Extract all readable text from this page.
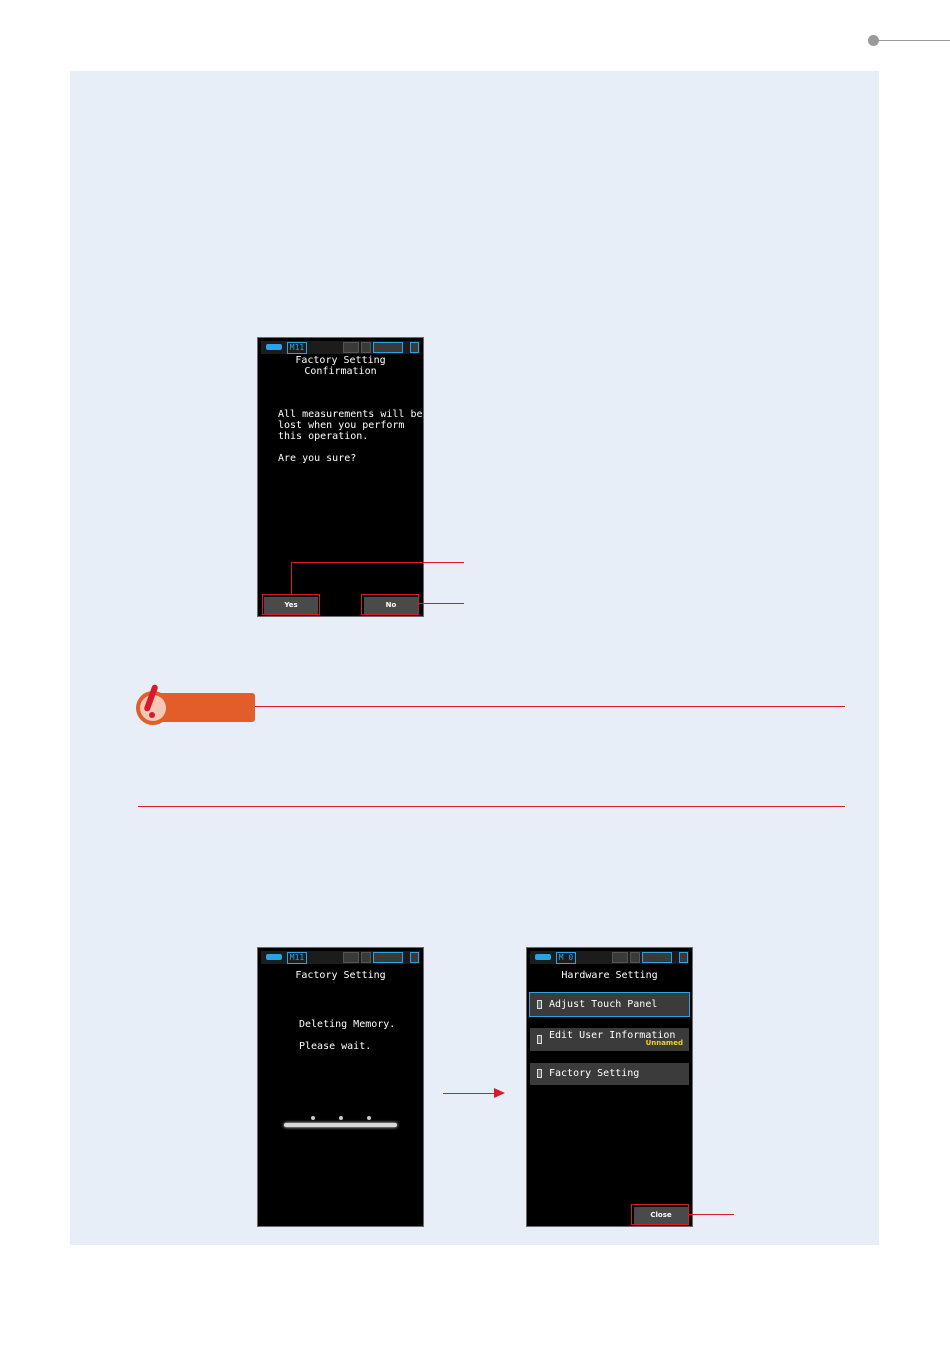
M11
Factory Setting
Confirmation
All measurements will be
lost when you perform
this operation.
Are you sure?
Yes	No
M11
Factory Setting
Deleting Memory.
Please wait.
M 0
Hardware Setting
Adjust Touch Panel
Edit User Information
Unnamed
Factory Setting
Close
